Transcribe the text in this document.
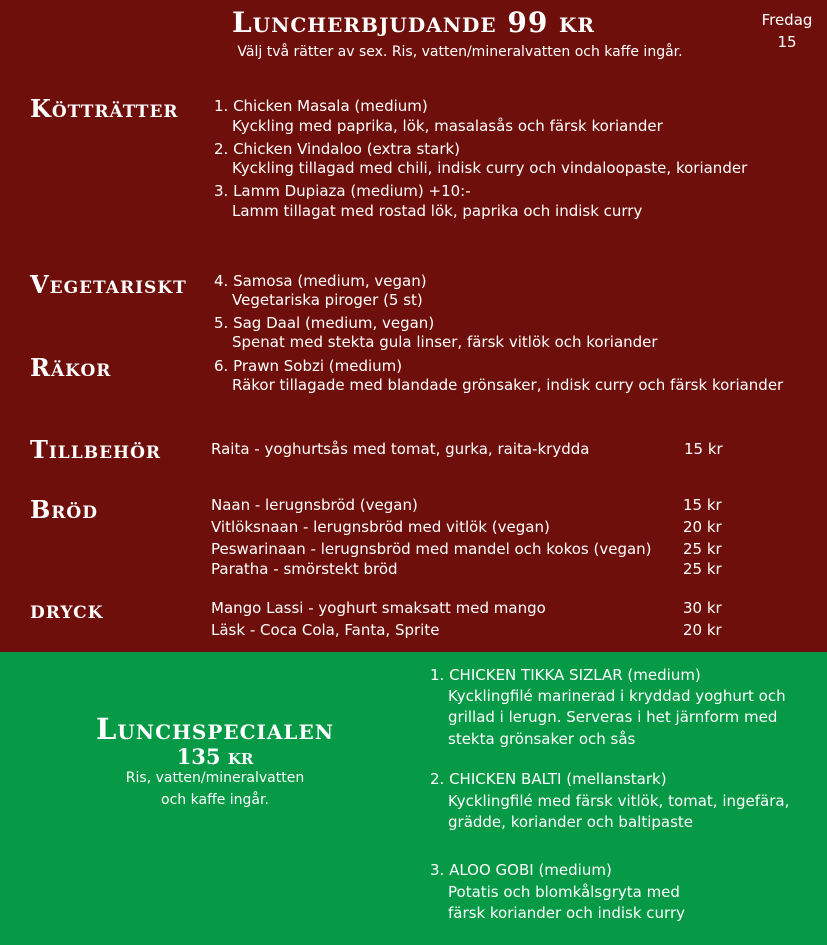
Luncherbjudande 99 kr
Välj två rätter av sex. Ris, vatten/mineralvatten och kaffe ingår.
Fredag
15
Kötträtter 1. Chicken Masala (medium)
Kyckling med paprika, lök, masalasås och färsk koriander
2. Chicken Vindaloo (extra stark)
Kyckling tillagad med chili, indisk curry och vindaloopaste, koriander
3. Lamm Dupiaza (medium) +10:-
Lamm tillagat med rostad lök, paprika och indisk curry
Vegetariskt 4. Samosa (medium, vegan)
Vegetariska piroger (5 st)
5. Sag Daal (medium, vegan)
Spenat med stekta gula linser, färsk vitlök och koriander
Räkor	6. Prawn Sobzi (medium)
Räkor tillagade med blandade grönsaker, indisk curry och färsk koriander
Tillbehör	Raita - yoghurtsås med tomat, gurka, raita-krydda	15 kr
Bröd	Naan - lerugnsbröd (vegan)	15 kr
Vitlöksnaan - lerugnsbröd med vitlök (vegan)	20 kr
Peswarinaan - lerugnsbröd med mandel och kokos (vegan) 25 kr
Paratha - smörstekt bröd	25 kr
dryck	Mango Lassi - yoghurt smaksatt med mango	30 kr
Läsk - Coca Cola, Fanta, Sprite	20 kr
Lunchspecialen
135 kr
Ris, vatten/mineralvatten
och kaffe ingår.
1. CHICKEN TIKKA SIZLAR (medium)
Kycklingfilé marinerad i kryddad yoghurt och
grillad i lerugn. Serveras i het järnform med
stekta grönsaker och sås
2. CHICKEN BALTI (mellanstark)
Kycklingfilé med färsk vitlök, tomat, ingefära,
grädde, koriander och baltipaste
3. ALOO GOBI (medium)
Potatis och blomkålsgryta med
färsk koriander och indisk curry
